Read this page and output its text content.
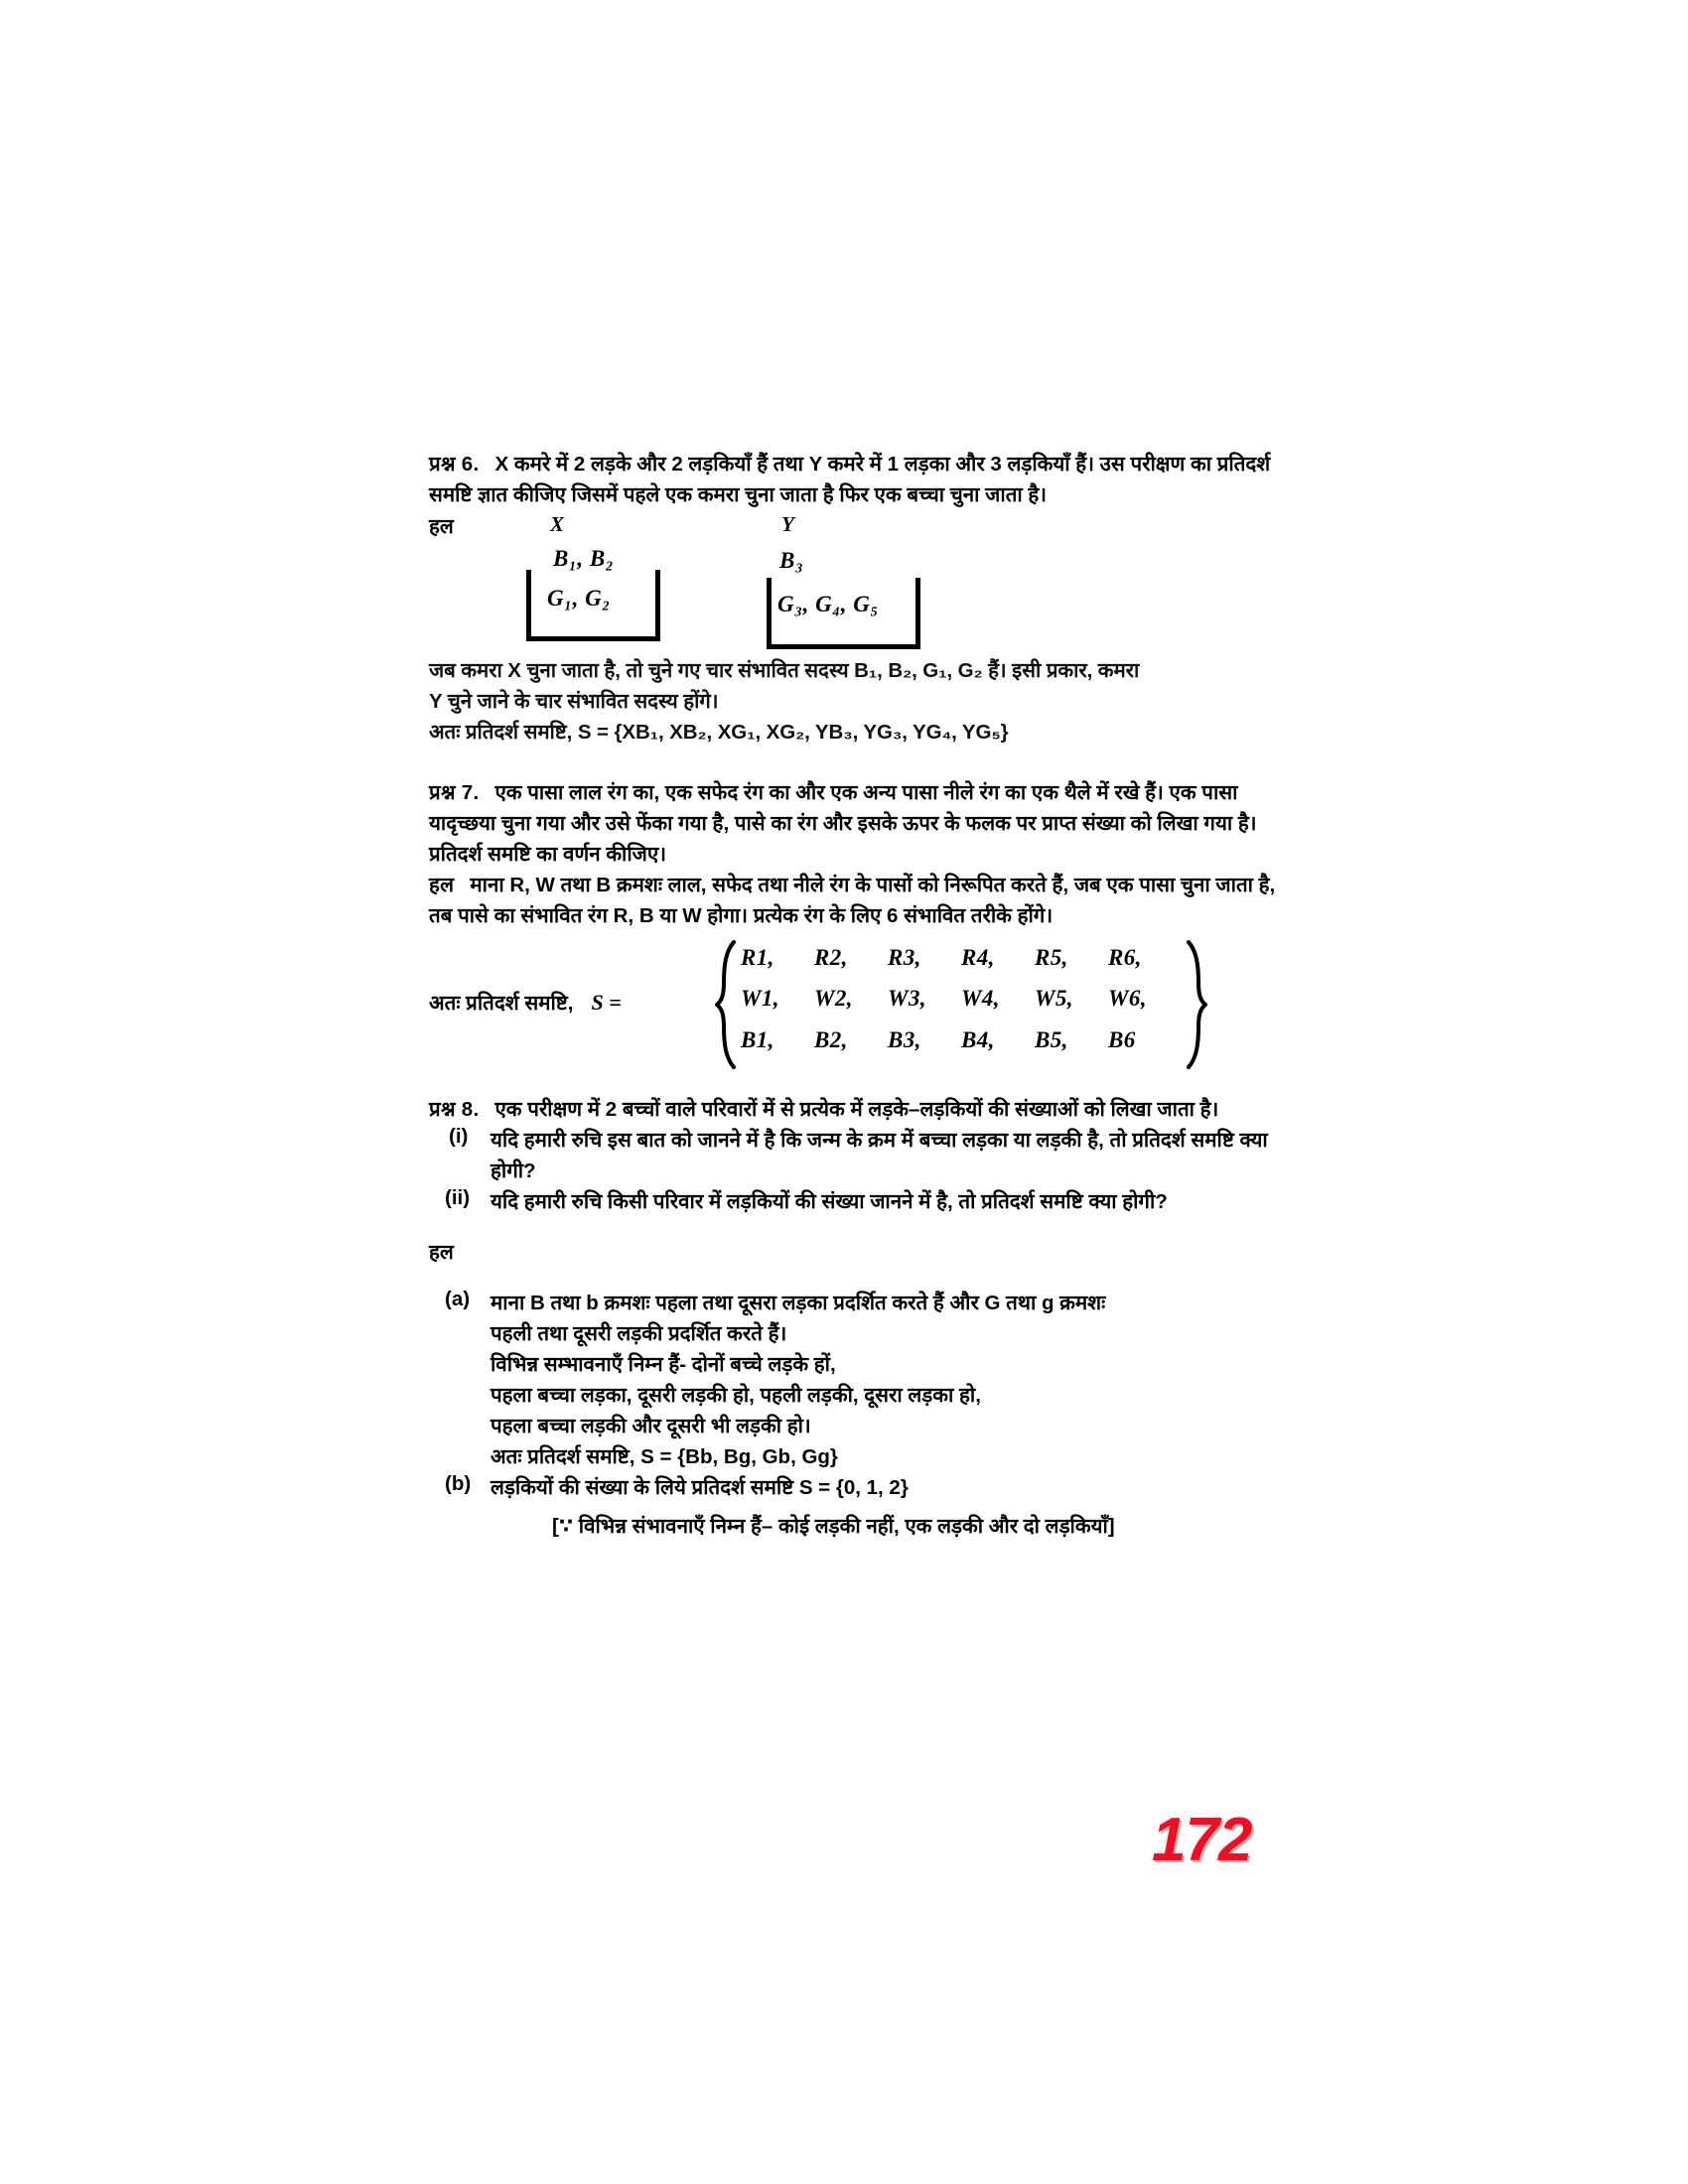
प्रश्न 6. X कमरे में 2 लड़के और 2 लड़कियाँ हैं तथा Y कमरे में 1 लड़का और 3 लड़कियाँ हैं। उस परीक्षण का प्रतिदर्श समष्टि ज्ञात कीजिए जिसमें पहले एक कमरा चुना जाता है फिर एक बच्चा चुना जाता है।

हल	X	Y
B₁, B₂
G₁, G₂
B₃
G₃, G₄, G₅

जब कमरा X चुना जाता है, तो चुने गए चार संभावित सदस्य B₁, B₂, G₁, G₂ हैं। इसी प्रकार, कमरा

Y चुने जाने के चार संभावित सदस्य होंगे।

अतः प्रतिदर्श समष्टि, S = {XB₁, XB₂, XG₁, XG₂, YB₃, YG₃, YG₄, YG₅}

प्रश्न 7. एक पासा लाल रंग का, एक सफेद रंग का और एक अन्य पासा नीले रंग का एक थैले में रखे हैं। एक पासा यादृच्छया चुना गया और उसे फेंका गया है, पासे का रंग और इसके ऊपर के फलक पर प्राप्त संख्या को लिखा गया है। प्रतिदर्श समष्टि का वर्णन कीजिए।

हल माना R, W तथा B क्रमशः लाल, सफेद तथा नीले रंग के पासों को निरूपित करते हैं, जब एक पासा चुना जाता है, तब पासे का संभावित रंग R, B या W होगा। प्रत्येक रंग के लिए 6 संभावित तरीके होंगे।

अतः प्रतिदर्श समष्टि, S =
R1,	R2,	R3,	R4,	R5,	R6,
W1,	W2,	W3,	W4,	W5,	W6,
B1,	B2,	B3,	B4,	B5,	B6

प्रश्न 8. एक परीक्षण में 2 बच्चों वाले परिवारों में से प्रत्येक में लड़के–लड़कियों की संख्याओं को लिखा जाता है।

(i) यदि हमारी रुचि इस बात को जानने में है कि जन्म के क्रम में बच्चा लड़का या लड़की है, तो प्रतिदर्श समष्टि क्या होगी?
(ii) यदि हमारी रुचि किसी परिवार में लड़कियों की संख्या जानने में है, तो प्रतिदर्श समष्टि क्या होगी?

हल

(a) माना B तथा b क्रमशः पहला तथा दूसरा लड़का प्रदर्शित करते हैं और G तथा g क्रमशः
पहली तथा दूसरी लड़की प्रदर्शित करते हैं।
विभिन्न सम्भावनाएँ निम्न हैं- दोनों बच्चे लड़के हों,
पहला बच्चा लड़का, दूसरी लड़की हो, पहली लड़की, दूसरा लड़का हो,
पहला बच्चा लड़की और दूसरी भी लड़की हो।
अतः प्रतिदर्श समष्टि, S = {Bb, Bg, Gb, Gg}
(b) लड़कियों की संख्या के लिये प्रतिदर्श समष्टि S = {0, 1, 2}
[∵ विभिन्न संभावनाएँ निम्न हैं– कोई लड़की नहीं, एक लड़की और दो लड़कियाँ]
172
